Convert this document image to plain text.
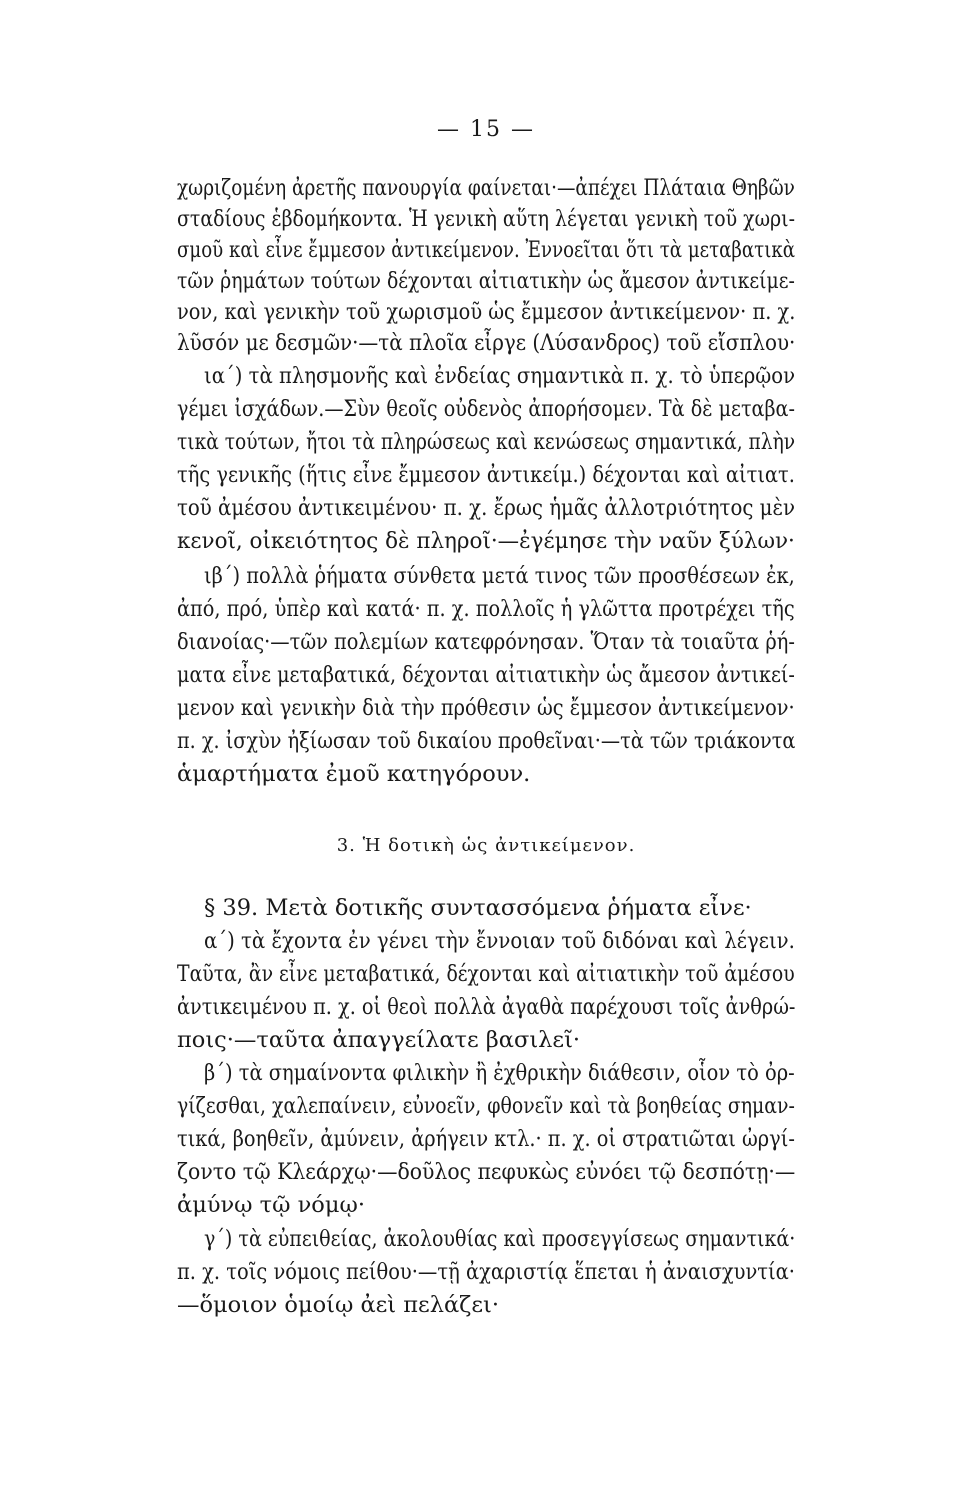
— 15 —
χωριζομένη ἀρετῆς πανουργία φαίνεται·—ἀπέχει Πλάταια Θηβῶν
σταδίους ἑβδομήκοντα. Ἡ γενικὴ αὕτη λέγεται γενικὴ τοῦ χωρι-
σμοῦ καὶ εἶνε ἔμμεσον ἀντικείμενον. Ἐννοεῖται ὅτι τὰ μεταβατικὰ
τῶν ῥημάτων τούτων δέχονται αἰτιατικὴν ὡς ἄμεσον ἀντικείμε-
νον, καὶ γενικὴν τοῦ χωρισμοῦ ὡς ἔμμεσον ἀντικείμενον· π. χ.
λῦσόν με δεσμῶν·—τὰ πλοῖα εἶργε (Λύσανδρος) τοῦ εἴσπλου·
ια΄) τὰ πλησμονῆς καὶ ἐνδείας σημαντικὰ π. χ. τὸ ὑπερῷον
γέμει ἰσχάδων.—Σὺν θεοῖς οὐδενὸς ἀπορήσομεν. Τὰ δὲ μεταβα-
τικὰ τούτων, ἤτοι τὰ πληρώσεως καὶ κενώσεως σημαντικά, πλὴν
τῆς γενικῆς (ἥτις εἶνε ἔμμεσον ἀντικείμ.) δέχονται καὶ αἰτιατ.
τοῦ ἀμέσου ἀντικειμένου· π. χ. ἔρως ἡμᾶς ἀλλοτριότητος μὲν
κενοῖ, οἰκειότητος δὲ πληροῖ·—ἐγέμησε τὴν ναῦν ξύλων·
ιβ΄) πολλὰ ῥήματα σύνθετα μετά τινος τῶν προσθέσεων ἐκ,
ἀπό, πρό, ὑπὲρ καὶ κατά· π. χ. πολλοῖς ἡ γλῶττα προτρέχει τῆς
διανοίας·—τῶν πολεμίων κατεφρόνησαν. Ὅταν τὰ τοιαῦτα ῥή-
ματα εἶνε μεταβατικά, δέχονται αἰτιατικὴν ὡς ἄμεσον ἀντικεί-
μενον καὶ γενικὴν διὰ τὴν πρόθεσιν ὡς ἔμμεσον ἀντικείμενον·
π. χ. ἰσχὺν ἠξίωσαν τοῦ δικαίου προθεῖναι·—τὰ τῶν τριάκοντα
ἁμαρτήματα ἐμοῦ κατηγόρουν.
3. Ἡ δοτικὴ ὡς ἀντικείμενον.
§ 39. Μετὰ δοτικῆς συντασσόμενα ῥήματα εἶνε·
α΄) τὰ ἔχοντα ἐν γένει τὴν ἔννοιαν τοῦ διδόναι καὶ λέγειν.
Ταῦτα, ἂν εἶνε μεταβατικά, δέχονται καὶ αἰτιατικὴν τοῦ ἀμέσου
ἀντικειμένου π. χ. οἱ θεοὶ πολλὰ ἀγαθὰ παρέχουσι τοῖς ἀνθρώ-
ποις·—ταῦτα ἀπαγγείλατε βασιλεῖ·
β΄) τὰ σημαίνοντα φιλικὴν ἢ ἐχθρικὴν διάθεσιν, οἷον τὸ ὀρ-
γίζεσθαι, χαλεπαίνειν, εὐνοεῖν, φθονεῖν καὶ τὰ βοηθείας σημαν-
τικά, βοηθεῖν, ἀμύνειν, ἀρήγειν κτλ.· π. χ. οἱ στρατιῶται ὠργί-
ζοντο τῷ Κλεάρχῳ·—δοῦλος πεφυκὼς εὐνόει τῷ δεσπότῃ·—
ἀμύνῳ τῷ νόμῳ·
γ΄) τὰ εὐπειθείας, ἀκολουθίας καὶ προσεγγίσεως σημαντικά·
π. χ. τοῖς νόμοις πείθου·—τῇ ἀχαριστίᾳ ἕπεται ἡ ἀναισχυντία·
—ὅμοιον ὁμοίῳ ἀεὶ πελάζει·
